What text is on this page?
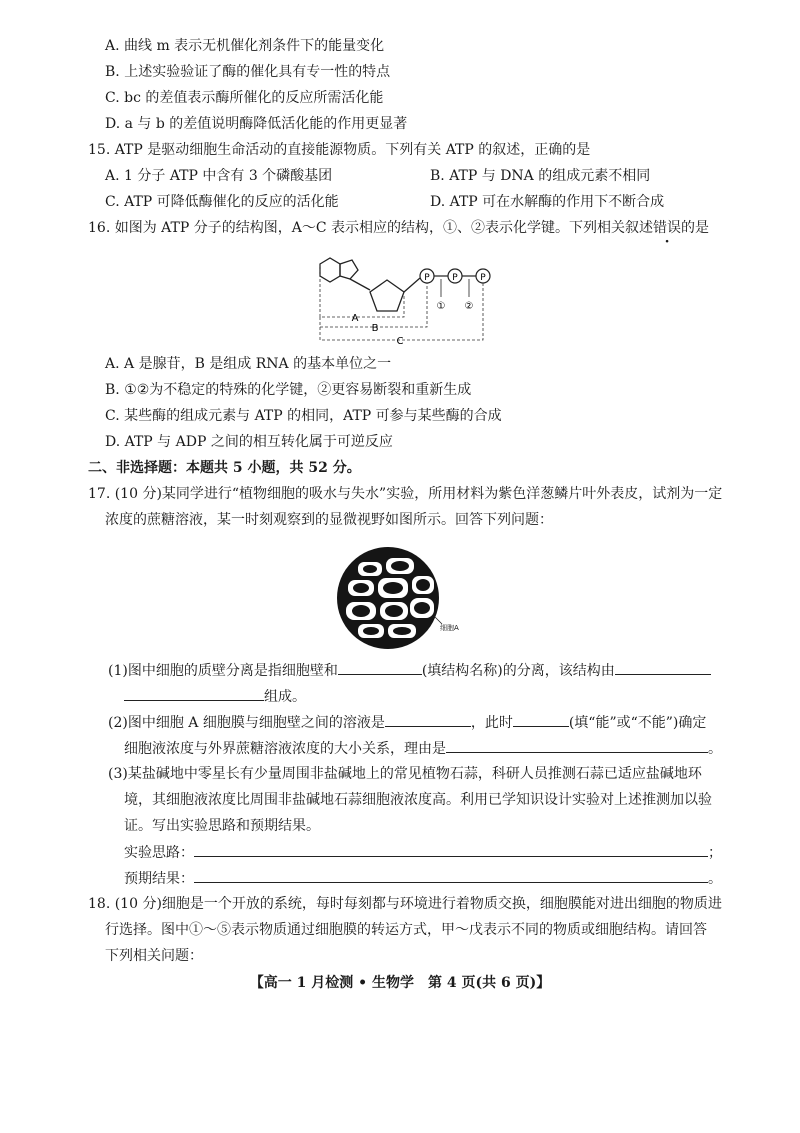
A. 曲线 m 表示无机催化剂条件下的能量变化
B. 上述实验验证了酶的催化具有专一性的特点
C. bc 的差值表示酶所催化的反应所需活化能
D. a 与 b 的差值说明酶降低活化能的作用更显著
15. ATP 是驱动细胞生命活动的直接能源物质。下列有关 ATP 的叙述，正确的是
A. 1 分子 ATP 中含有 3 个磷酸基团	B. ATP 与 DNA 的组成元素不相同
C. ATP 可降低酶催化的反应的活化能	D. ATP 可在水解酶的作用下不断合成
16. 如图为 ATP 分子的结构图，A～C 表示相应的结构，①、②表示化学键。下列相关叙述错误的是
P	P	P
① ②
A
B
C
A. A 是腺苷，B 是组成 RNA 的基本单位之一
B. ①②为不稳定的特殊的化学键，②更容易断裂和重新生成
C. 某些酶的组成元素与 ATP 的相同，ATP 可参与某些酶的合成
D. ATP 与 ADP 之间的相互转化属于可逆反应
二、非选择题：本题共 5 小题，共 52 分。
17. (10 分)某同学进行“植物细胞的吸水与失水”实验，所用材料为紫色洋葱鳞片叶外表皮，试剂为一定
浓度的蔗糖溶液，某一时刻观察到的显微视野如图所示。回答下列问题：
细胞A
(1)图中细胞的质壁分离是指细胞壁和	(填结构名称)的分离，该结构由
组成。
(2)图中细胞 A 细胞膜与细胞壁之间的溶液是	，此时	(填“能”或“不能”)确定
细胞液浓度与外界蔗糖溶液浓度的大小关系，理由是	。
(3)某盐碱地中零星长有少量周围非盐碱地上的常见植物石蒜，科研人员推测石蒜已适应盐碱地环
境，其细胞液浓度比周围非盐碱地石蒜细胞液浓度高。利用已学知识设计实验对上述推测加以验
证。写出实验思路和预期结果。
实验思路：	；
预期结果：	。
18. (10 分)细胞是一个开放的系统，每时每刻都与环境进行着物质交换，细胞膜能对进出细胞的物质进
行选择。图中①～⑤表示物质通过细胞膜的转运方式，甲～戊表示不同的物质或细胞结构。请回答
下列相关问题：
【高一 1 月检测 • 生物学　第 4 页(共 6 页)】
